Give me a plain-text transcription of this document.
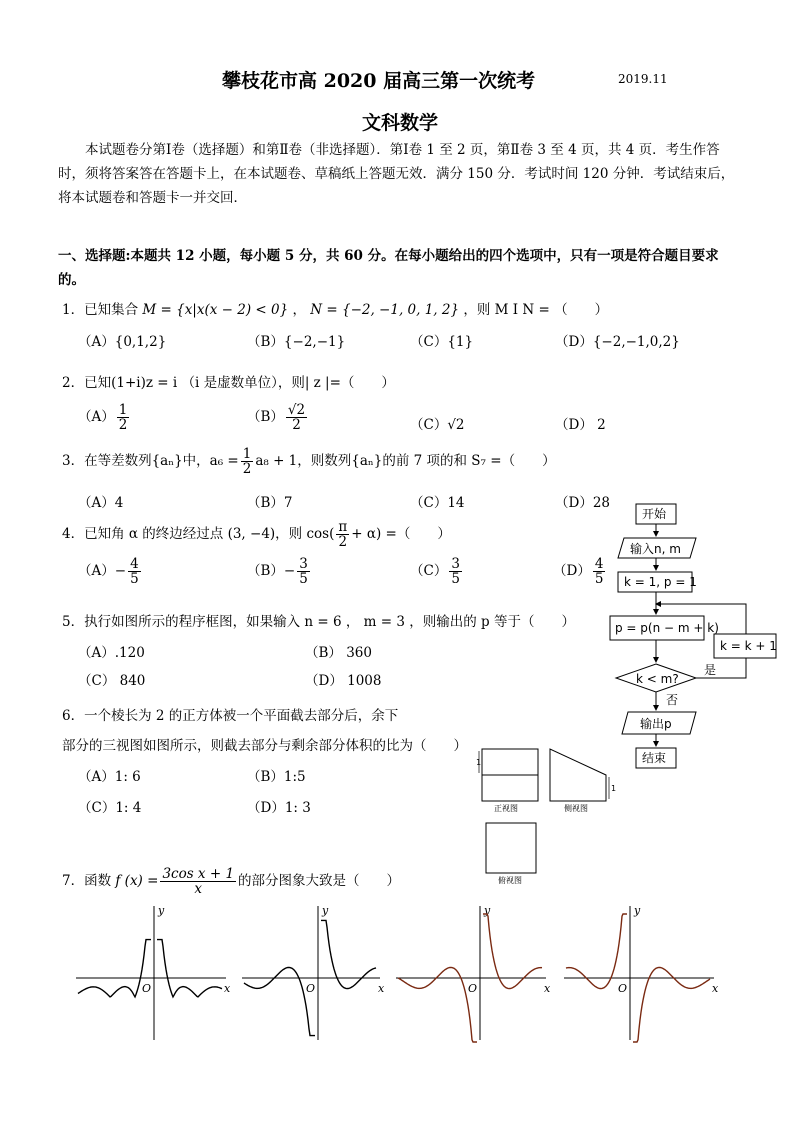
攀枝花市高 2020 届高三第一次统考	2019.11
文科数学
本试题卷分第Ⅰ卷（选择题）和第Ⅱ卷（非选择题）．第Ⅰ卷 1 至 2 页，第Ⅱ卷 3 至 4 页，共 4 页．考生作答时，须将答案答在答题卡上，在本试题卷、草稿纸上答题无效．满分 150 分．考试时间 120 分钟．考试结束后，将本试题卷和答题卡一并交回．
一、选择题:本题共 12 小题，每小题 5 分，共 60 分。在每小题给出的四个选项中，只有一项是符合题目要求
的。
1．已知集合 M = {x|x(x − 2) < 0} ， N = {−2, −1, 0, 1, 2} ，则 M Ⅰ N = （　　）
（A）{0,1,2}	（B）{−2,−1}	（C）{1}	（D）{−2,−1,0,2}
2．已知(1+i)z = i （i 是虚数单位），则| z |=（　　）
$(A) \frac{1}{2}$	$(B) \frac{√2}{2}$	（C）√2	（D） 2
3．在等差数列{aₙ}中，$a_6 = \frac{1}{2} a_8 + 1$，则数列{aₙ}的前 7 项的和 S₇ =（　　）
（A）4	（B）7	（C）14	（D）28
4．已知角 α 的终边经过点 (3, −4)，则 $\cos( \frac{\pi}{2} + \alpha)$ =（　　）
$(A)- \frac{4}{5}$	$(B)- \frac{3}{5}$	$(C) \frac{3}{5}$	$(D) \frac{4}{5}$
5．执行如图所示的程序框图，如果输入 n = 6 ， m = 3 ，则输出的 p 等于（　　）
（A）.120	（B） 360
（C） 840	（D） 1008
6．一个棱长为 2 的正方体被一个平面截去部分后，余下
部分的三视图如图所示，则截去部分与剩余部分体积的比为（　　）
（A）1: 6	（B）1:5
（C）1: 4	（D）1: 3
1
正视图
1
侧视图
俯视图
开始
输入n, m
k = 1, p = 1
p = p(n − m + k)
k < m?
是
k = k + 1
否
输出p
结束
7．函数 f $(x) = \frac{\text{3cos x + 1}}{x}$ 的部分图象大致是（　　）
x
y
O	x
y
O	x
y
O	x
y
O
